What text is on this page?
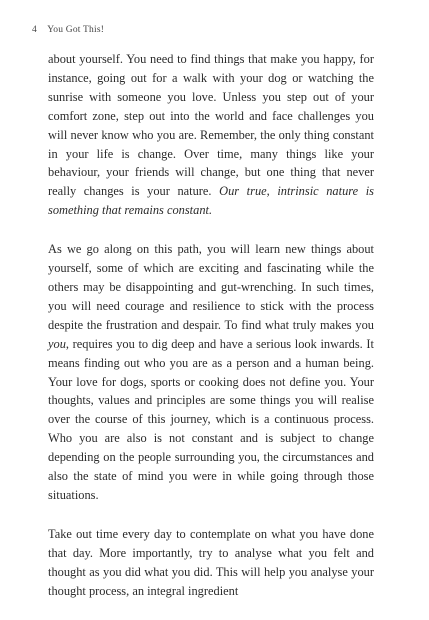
4 You Got This!

about yourself. You need to find things that make you happy, for instance, going out for a walk with your dog or watching the sunrise with someone you love. Unless you step out of your comfort zone, step out into the world and face challenges you will never know who you are. Remember, the only thing constant in your life is change. Over time, many things like your behaviour, your friends will change, but one thing that never really changes is your nature. Our true, intrinsic nature is something that remains constant.

As we go along on this path, you will learn new things about yourself, some of which are exciting and fascinating while the others may be disappointing and gut-wrenching. In such times, you will need courage and resilience to stick with the process despite the frustration and despair. To find what truly makes you you, requires you to dig deep and have a serious look inwards. It means finding out who you are as a person and a human being. Your love for dogs, sports or cooking does not define you. Your thoughts, values and principles are some things you will realise over the course of this journey, which is a continuous process. Who you are also is not constant and is subject to change depending on the people surrounding you, the circumstances and also the state of mind you were in while going through those situations.

Take out time every day to contemplate on what you have done that day. More importantly, try to analyse what you felt and thought as you did what you did. This will help you analyse your thought process, an integral ingredient
